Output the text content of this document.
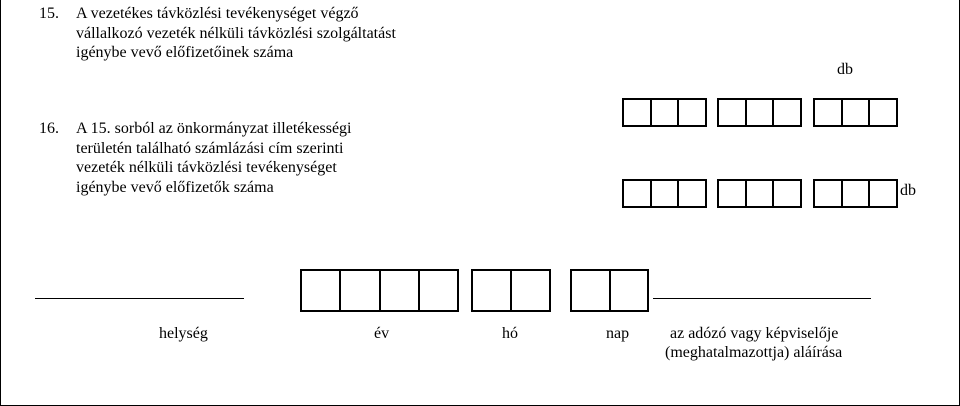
15. A vezetékes távközlési tevékenységet végző
vállalkozó vezeték nélküli távközlési szolgáltatást
igénybe vevő előfizetőinek száma
db
16. A 15. sorból az önkormányzat illetékességi
területén található számlázási cím szerinti
vezeték nélküli távközlési tevékenységet
igénybe vevő előfizetők száma	db
helység	év	hó	nap	az adózó vagy képviselője
(meghatalmazottja) aláírása
